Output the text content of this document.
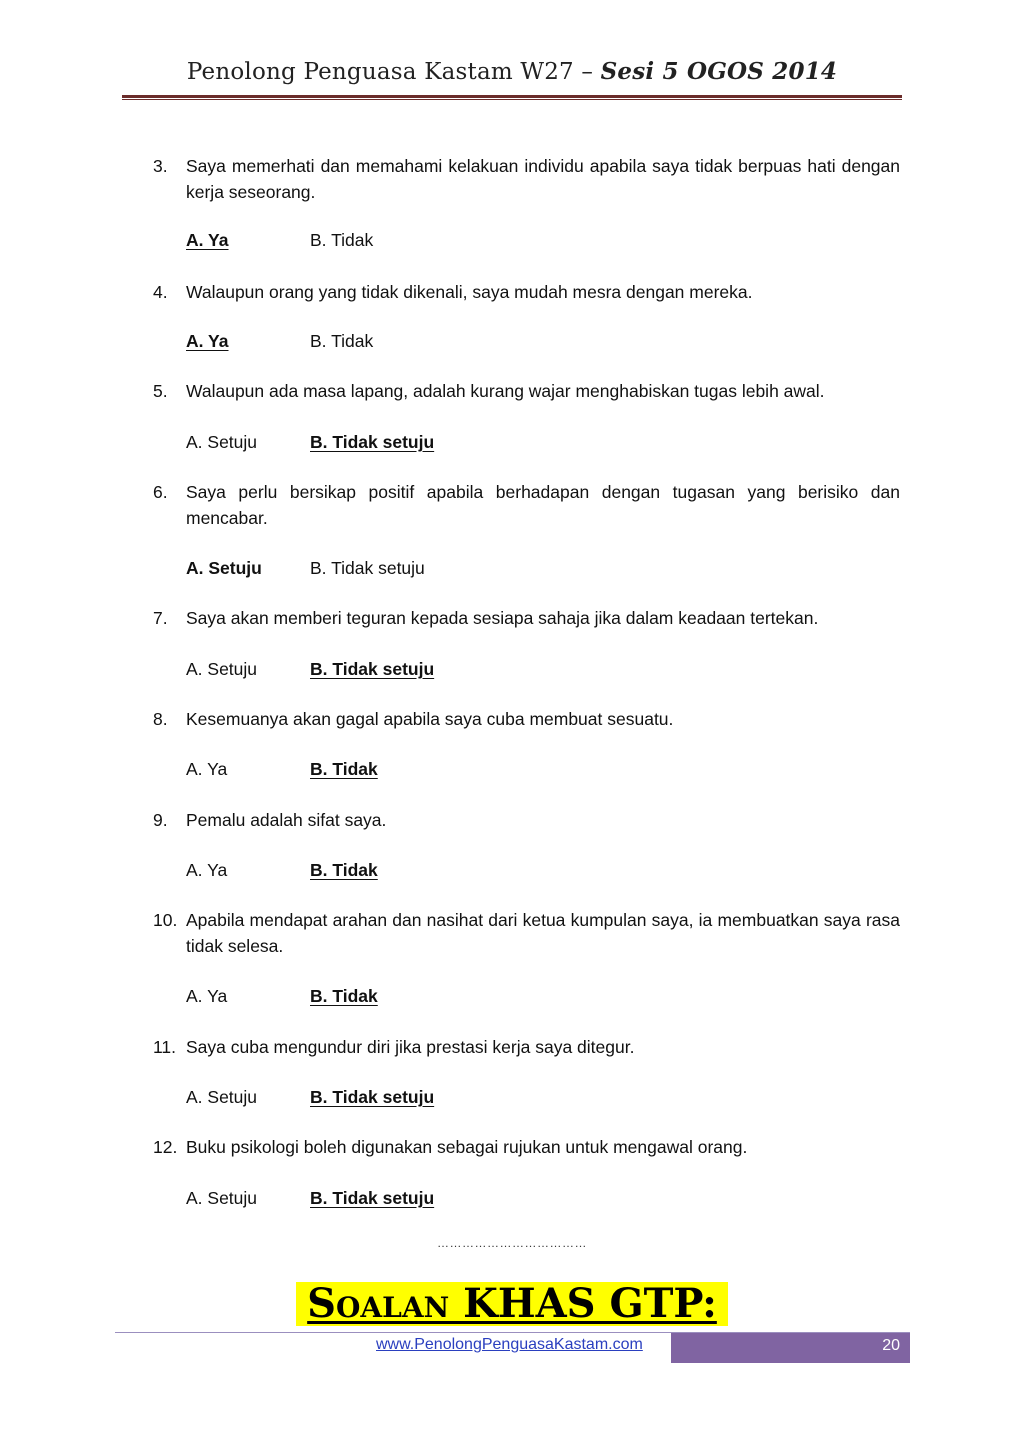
Penolong Penguasa Kastam W27 – Sesi 5 OGOS 2014
3. Saya memerhati dan memahami kelakuan individu apabila saya tidak berpuas hati dengan kerja seseorang.
A. Ya	B. Tidak
4. Walaupun orang yang tidak dikenali, saya mudah mesra dengan mereka.
A. Ya	B. Tidak
5. Walaupun ada masa lapang, adalah kurang wajar menghabiskan tugas lebih awal.
A. Setuju	B. Tidak setuju
6. Saya perlu bersikap positif apabila berhadapan dengan tugasan yang berisiko dan mencabar.
A. Setuju	B. Tidak setuju
7. Saya akan memberi teguran kepada sesiapa sahaja jika dalam keadaan tertekan.
A. Setuju	B. Tidak setuju
8. Kesemuanya akan gagal apabila saya cuba membuat sesuatu.
A. Ya	B. Tidak
9. Pemalu adalah sifat saya.
A. Ya	B. Tidak
10. Apabila mendapat arahan dan nasihat dari ketua kumpulan saya, ia membuatkan saya rasa tidak selesa.
A. Ya	B. Tidak
11. Saya cuba mengundur diri jika prestasi kerja saya ditegur.
A. Setuju	B. Tidak setuju
12. Buku psikologi boleh digunakan sebagai rujukan untuk mengawal orang.
A. Setuju	B. Tidak setuju
………………………………
Soalan KHAS GTP:
www.PenolongPenguasaKastam.com	20
